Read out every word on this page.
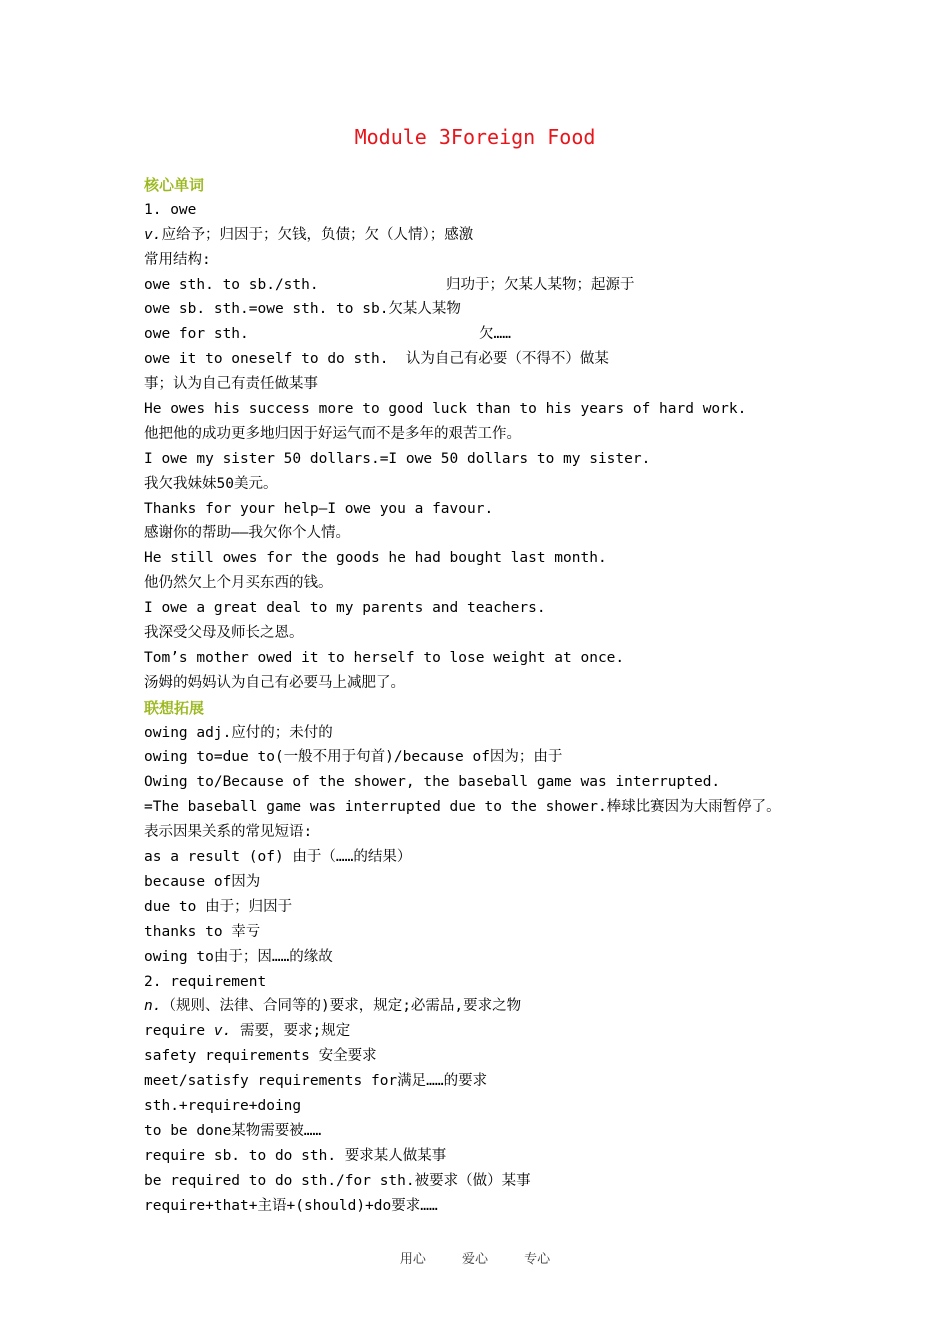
Module 3Foreign Food
核心单词
1. owe
v.应给予；归因于；欠钱，负债；欠（人情）；感激
常用结构:
owe sth. to sb./sth.	归功于；欠某人某物；起源于
owe sb. sth.=owe sth. to sb.欠某人某物
owe for sth.	欠……
owe it to oneself to do sth.  认为自己有必要（不得不）做某
事；认为自己有责任做某事
He owes his success more to good luck than to his years of hard work.
他把他的成功更多地归因于好运气而不是多年的艰苦工作。
I owe my sister 50 dollars.=I owe 50 dollars to my sister.
我欠我妹妹50美元。
Thanks for your help—I owe you a favour.
感谢你的帮助——我欠你个人情。
He still owes for the goods he had bought last month.
他仍然欠上个月买东西的钱。
I owe a great deal to my parents and teachers.
我深受父母及师长之恩。
Tom’s mother owed it to herself to lose weight at once.
汤姆的妈妈认为自己有必要马上减肥了。
联想拓展
owing adj.应付的；未付的
owing to=due to(一般不用于句首)/because of因为；由于
Owing to/Because of the shower, the baseball game was interrupted.
=The baseball game was interrupted due to the shower.棒球比赛因为大雨暂停了。
表示因果关系的常见短语:
as a result (of) 由于（……的结果）
because of因为
due to 由于；归因于
thanks to 幸亏
owing to由于；因……的缘故
2. requirement
n.（规则、法律、合同等的)要求，规定;必需品,要求之物
require v. 需要，要求;规定
safety requirements 安全要求
meet/satisfy requirements for满足……的要求
sth.+require+doing
to be done某物需要被……
require sb. to do sth. 要求某人做某事
be required to do sth./for sth.被要求（做）某事
require+that+主语+(should)+do要求……
用心	爱心	专心
